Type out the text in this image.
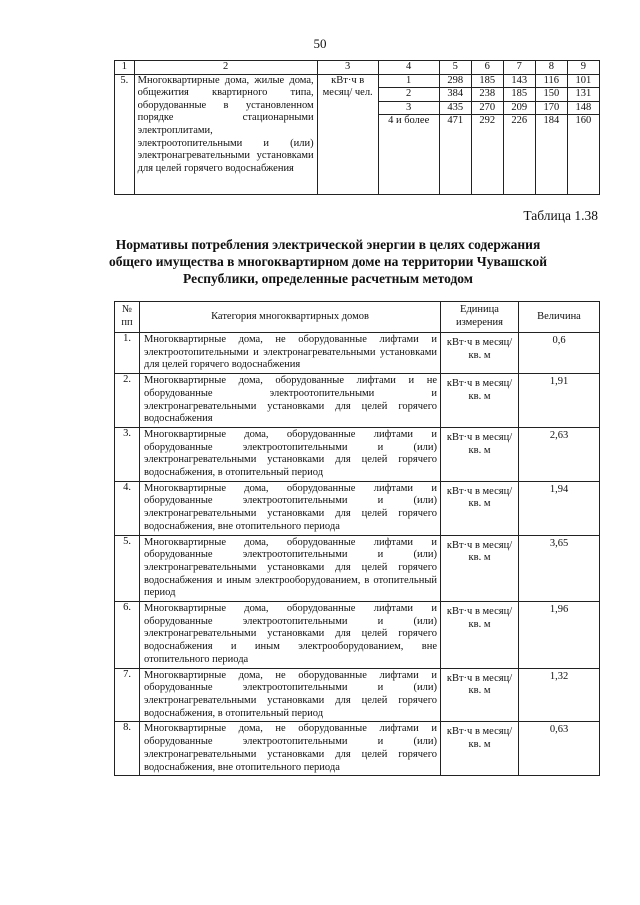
50
1	2	3	4	5	6	7	8	9
5.	Многоквартирные дома, жилые дома, общежития квартирного типа, оборудованные в установленном порядке стационарными электроплитами, электроотопительными и (или) электронагревательными установками для целей горячего водоснабжения	кВт·ч в месяц/ чел.	1	298	185	143	116	101
			2	384	238	185	150	131
			3	435	270	209	170	148
			4 и более	471	292	226	184	160
Таблица 1.38
Нормативы потребления электрической энергии в целях содержания общего имущества в многоквартирном доме на территории Чувашской Республики, определенные расчетным методом
№ пп	Категория многоквартирных домов	Единица измерения	Величина
1.	Многоквартирные дома, не оборудованные лифтами и электроотопительными и электронагревательными установками для целей горячего водоснабжения	кВт·ч в месяц/кв. м	0,6
2.	Многоквартирные дома, оборудованные лифтами и не оборудованные электроотопительными и электронагревательными установками для целей горячего водоснабжения	кВт·ч в месяц/кв. м	1,91
3.	Многоквартирные дома, оборудованные лифтами и оборудованные электроотопительными и (или) электронагревательными установками для целей горячего водоснабжения, в отопительный период	кВт·ч в месяц/кв. м	2,63
4.	Многоквартирные дома, оборудованные лифтами и оборудованные электроотопительными и (или) электронагревательными установками для целей горячего водоснабжения, вне отопительного периода	кВт·ч в месяц/кв. м	1,94
5.	Многоквартирные дома, оборудованные лифтами и оборудованные электроотопительными и (или) электронагревательными установками для целей горячего водоснабжения и иным электрооборудованием, в отопительный период	кВт·ч в месяц/кв. м	3,65
6.	Многоквартирные дома, оборудованные лифтами и оборудованные электроотопительными и (или) электронагревательными установками для целей горячего водоснабжения и иным электрооборудованием, вне отопительного периода	кВт·ч в месяц/кв. м	1,96
7.	Многоквартирные дома, не оборудованные лифтами и оборудованные электроотопительными и (или) электронагревательными установками для целей горячего водоснабжения, в отопительный период	кВт·ч в месяц/кв. м	1,32
8.	Многоквартирные дома, не оборудованные лифтами и оборудованные электроотопительными и (или) электронагревательными установками для целей горячего водоснабжения, вне отопительного периода	кВт·ч в месяц/кв. м	0,63
